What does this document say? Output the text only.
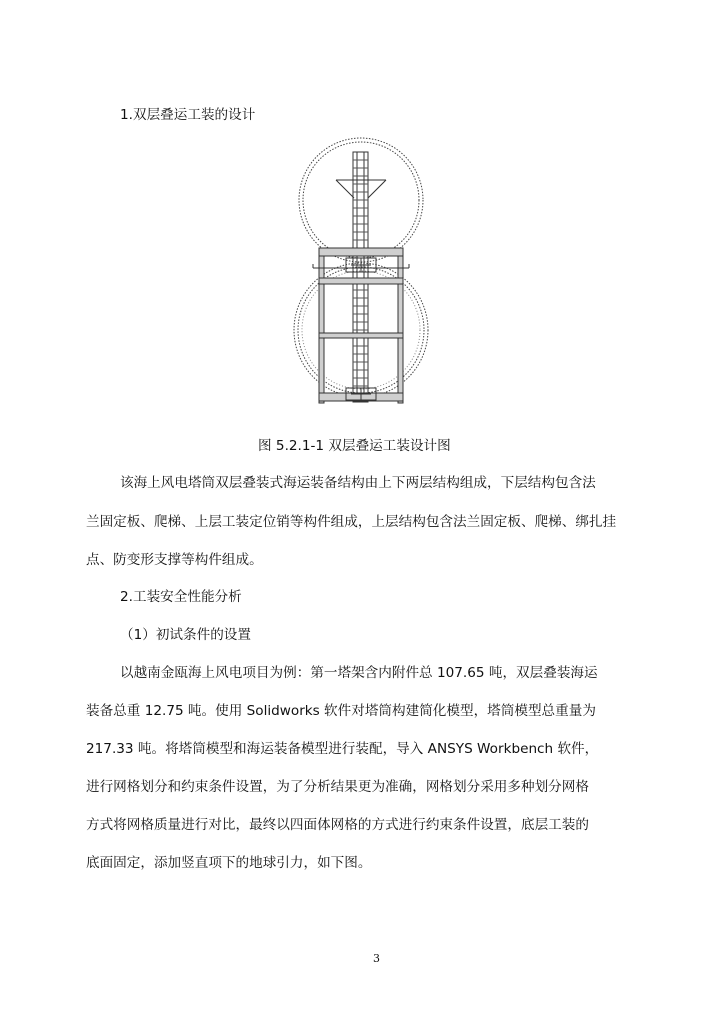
1.双层叠运工装的设计
图 5.2.1-1 双层叠运工装设计图
该海上风电塔筒双层叠装式海运装备结构由上下两层结构组成，下层结构包含法
兰固定板、爬梯、上层工装定位销等构件组成，上层结构包含法兰固定板、爬梯、绑扎挂
点、防变形支撑等构件组成。
2.工装安全性能分析
（1）初试条件的设置
以越南金瓯海上风电项目为例：第一塔架含内附件总 107.65 吨，双层叠装海运
装备总重 12.75 吨。使用 Solidworks 软件对塔筒构建简化模型，塔筒模型总重量为
217.33 吨。将塔筒模型和海运装备模型进行装配，导入 ANSYS Workbench 软件，
进行网格划分和约束条件设置，为了分析结果更为准确，网格划分采用多种划分网格
方式将网格质量进行对比，最终以四面体网格的方式进行约束条件设置，底层工装的
底面固定，添加竖直项下的地球引力，如下图。
3
